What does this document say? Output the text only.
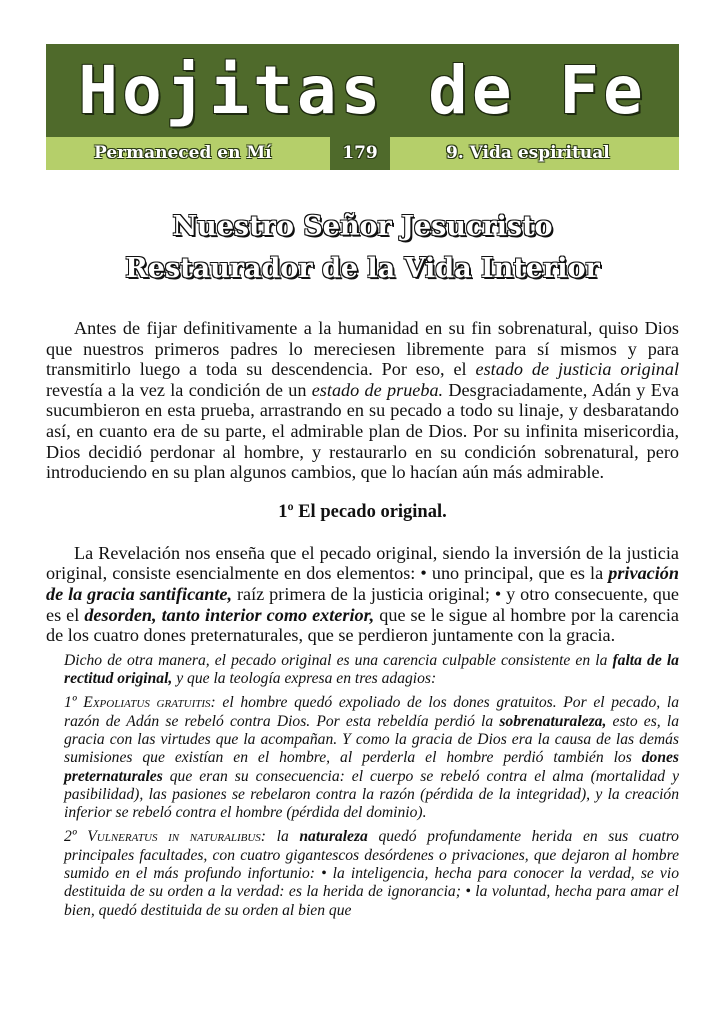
Hojitas de Fe
Permaneced en Mí	179	9. Vida espiritual
Nuestro Señor Jesucristo
Restaurador de la Vida Interior

Antes de fijar definitivamente a la humanidad en su fin sobrenatural, quiso Dios que nuestros primeros padres lo mereciesen libremente para sí mismos y para transmitirlo luego a toda su descendencia. Por eso, el estado de justicia original revestía a la vez la condición de un estado de prueba. Desgraciadamente, Adán y Eva sucumbieron en esta prueba, arrastrando en su pecado a todo su linaje, y desbaratando así, en cuanto era de su parte, el admirable plan de Dios. Por su infinita misericordia, Dios decidió perdonar al hombre, y restaurarlo en su condición sobrenatural, pero introduciendo en su plan algunos cambios, que lo hacían aún más admirable.

1º El pecado original.

La Revelación nos enseña que el pecado original, siendo la inversión de la justicia original, consiste esencialmente en dos elementos: • uno principal, que es la privación de la gracia santificante, raíz primera de la justicia original; • y otro consecuente, que es el desorden, tanto interior como exterior, que se le sigue al hombre por la carencia de los cuatro dones preternaturales, que se perdieron juntamente con la gracia.

Dicho de otra manera, el pecado original es una carencia culpable consistente en la falta de la rectitud original, y que la teología expresa en tres adagios:

1º Expoliatus gratuitis: el hombre quedó expoliado de los dones gratuitos. Por el pecado, la razón de Adán se rebeló contra Dios. Por esta rebeldía perdió la sobrenaturaleza, esto es, la gracia con las virtudes que la acompañan. Y como la gracia de Dios era la causa de las demás sumisiones que existían en el hombre, al perderla el hombre perdió también los dones preternaturales que eran su consecuencia: el cuerpo se rebeló contra el alma (mortalidad y pasibilidad), las pasiones se rebelaron contra la razón (pérdida de la integridad), y la creación inferior se rebeló contra el hombre (pérdida del dominio).

2º Vulneratus in naturalibus: la naturaleza quedó profundamente herida en sus cuatro principales facultades, con cuatro gigantescos desórdenes o privaciones, que dejaron al hombre sumido en el más profundo infortunio: • la inteligencia, hecha para conocer la verdad, se vio destituida de su orden a la verdad: es la herida de ignorancia; • la voluntad, hecha para amar el bien, quedó destituida de su orden al bien que
